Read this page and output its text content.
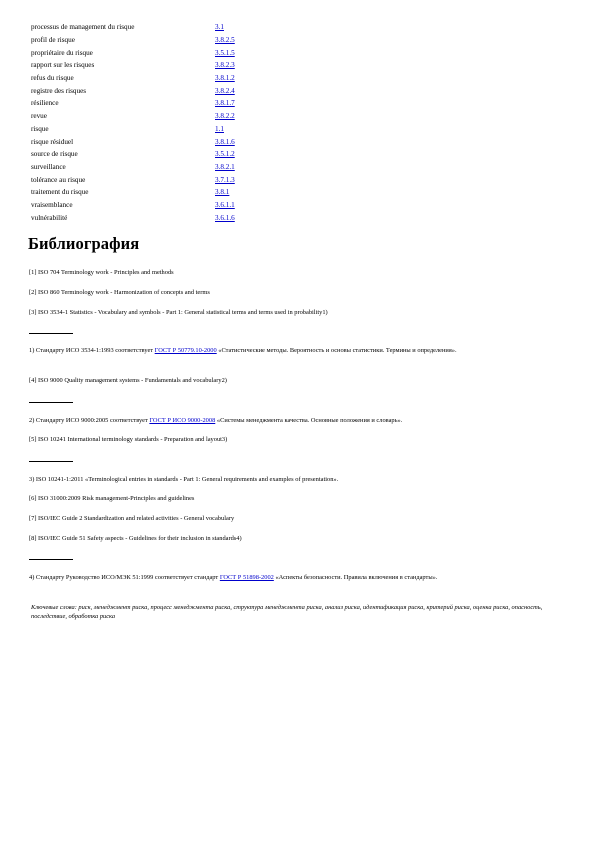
processus de management du risque	3.1
profil de risque	3.8.2.5
propriétaire du risque	3.5.1.5
rapport sur les risques	3.8.2.3
refus du risque	3.8.1.2
registre des risques	3.8.2.4
résilience	3.8.1.7
revue	3.8.2.2
risque	1.1
risque résiduel	3.8.1.6
source de risque	3.5.1.2
surveillance	3.8.2.1
tolérance au risque	3.7.1.3
traitement du risque	3.8.1
vraisemblance	3.6.1.1
vulnérabilité	3.6.1.6
Библиография
[1] ISO 704 Terminology work - Principles and methods
[2] ISO 860 Terminology work - Harmonization of concepts and terms
[3] ISO 3534-1 Statistics - Vocabulary and symbols - Part 1: General statistical terms and terms used in probability1)
1) Стандарту ИСО 3534-1:1993 соответствует ГОСТ Р 50779.10-2000 «Статистические методы. Вероятность и основы статистики. Термины и определения».
[4] ISO 9000 Quality management systems - Fundamentals and vocabulary2)
2) Стандарту ИСО 9000:2005 соответствует ГОСТ Р ИСО 9000-2008 «Системы менеджмента качества. Основные положения и словарь».
[5] ISO 10241 International terminology standards - Preparation and layout3)
3) ISO 10241-1:2011 «Terminological entries in standards - Part 1: General requirements and examples of presentation».
[6] ISO 31000:2009 Risk management-Principles and guidelines
[7] ISO/IEC Guide 2 Standardization and related activities - General vocabulary
[8] ISO/IEC Guide 51 Safety aspects - Guidelines for their inclusion in standards4)
4) Стандарту Руководство ИСО/МЭК 51:1999 соответствует стандарт ГОСТ Р 51898-2002 «Аспекты безопасности. Правила включения в стандарты».
Ключевые слова: риск, менеджмент риска, процесс менеджмента риска, структура менеджмента риска, анализ риска, идентификация риска, критерий риска, оценка риска, опасность, последствие, обработка риска
